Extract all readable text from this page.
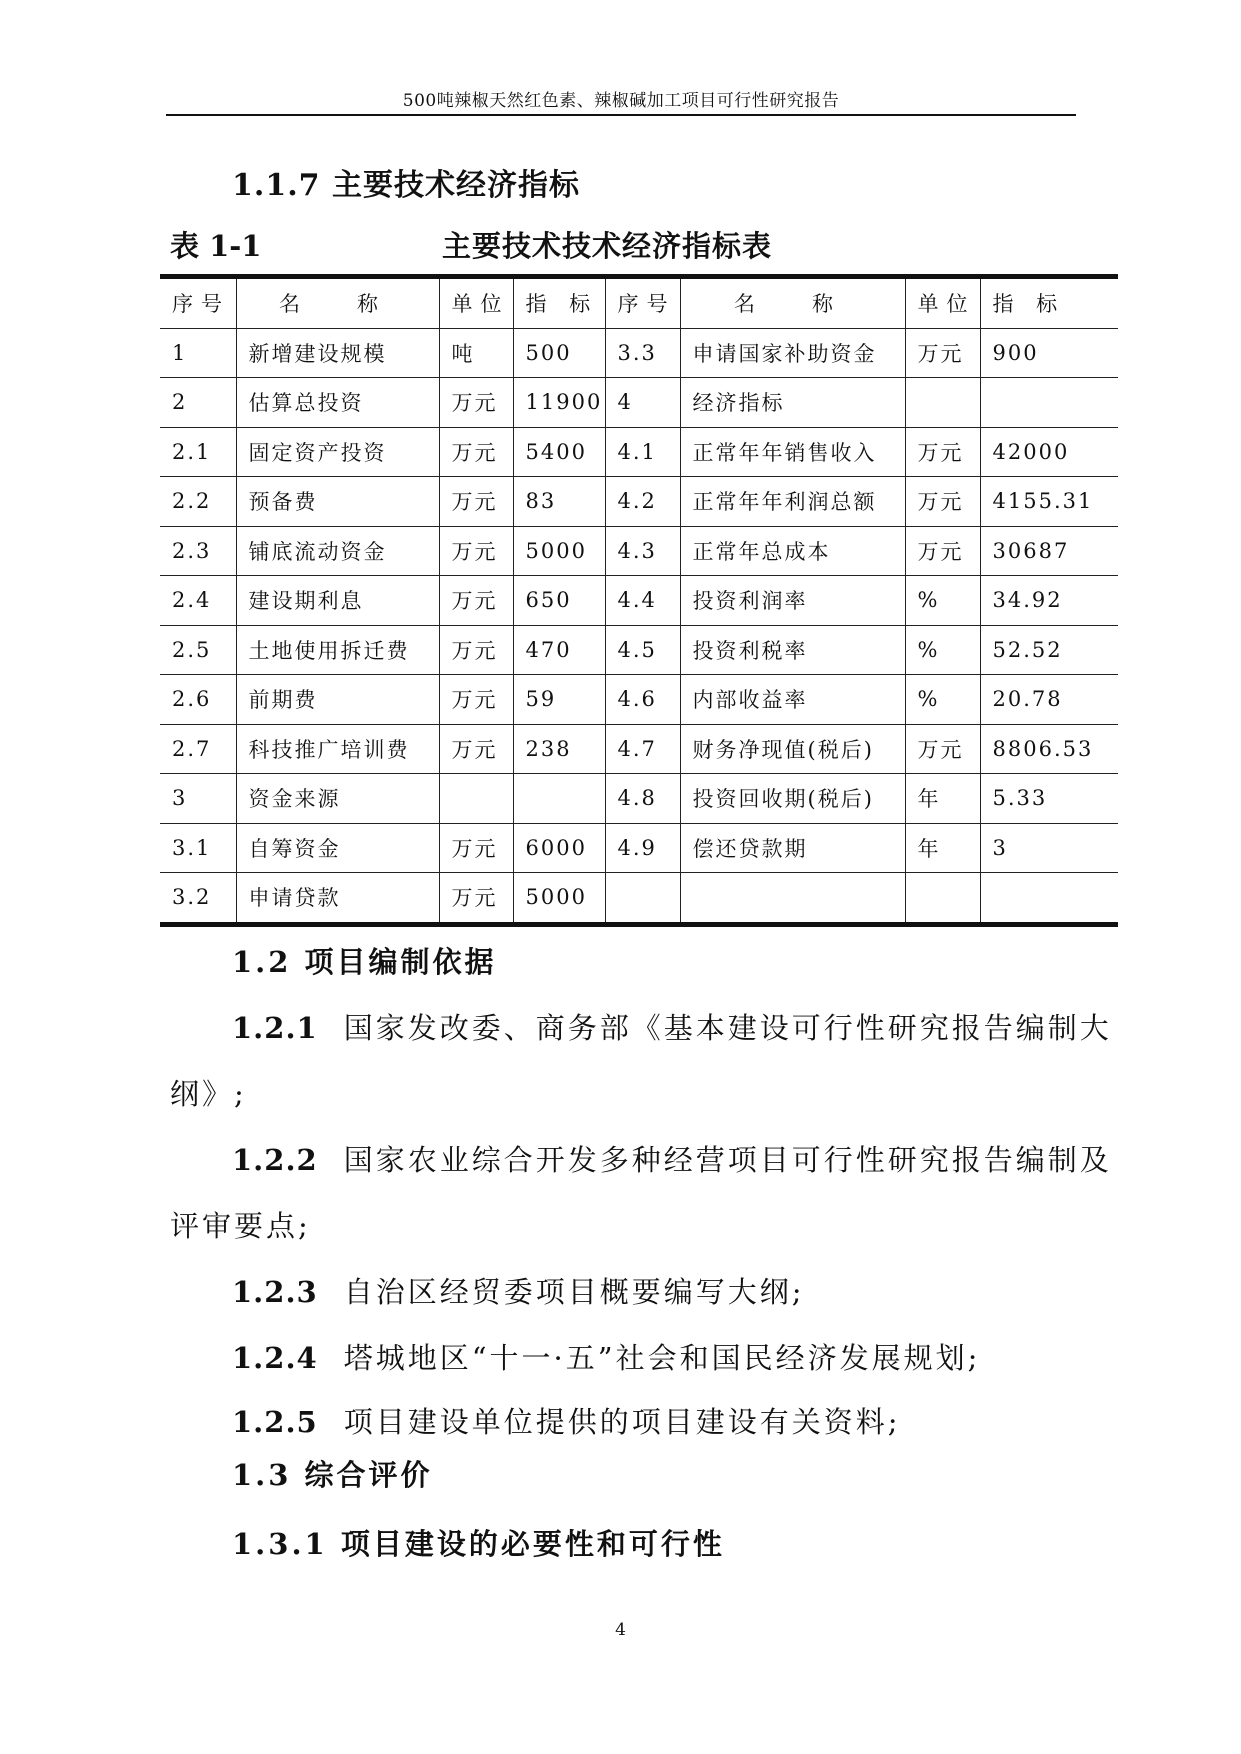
500吨辣椒天然红色素、辣椒碱加工项目可行性研究报告
1.1.7 主要技术经济指标
表 1-1	主要技术技术经济指标表
序号	名　称	单位	指 标	序号	名　称	单位	指 标
1	新增建设规模	吨	500	3.3	申请国家补助资金	万元	900
2	估算总投资	万元	11900	4	经济指标		
2.1	固定资产投资	万元	5400	4.1	正常年年销售收入	万元	42000
2.2	预备费	万元	83	4.2	正常年年利润总额	万元	4155.31
2.3	铺底流动资金	万元	5000	4.3	正常年总成本	万元	30687
2.4	建设期利息	万元	650	4.4	投资利润率	%	34.92
2.5	土地使用拆迁费	万元	470	4.5	投资利税率	%	52.52
2.6	前期费	万元	59	4.6	内部收益率	%	20.78
2.7	科技推广培训费	万元	238	4.7	财务净现值(税后)	万元	8806.53
3	资金来源			4.8	投资回收期(税后)	年	5.33
3.1	自筹资金	万元	6000	4.9	偿还贷款期	年	3
3.2	申请贷款	万元	5000				
1.2 项目编制依据
1.2.1 国家发改委、商务部《基本建设可行性研究报告编制大
纲》;
1.2.2 国家农业综合开发多种经营项目可行性研究报告编制及
评审要点;
1.2.3 自治区经贸委项目概要编写大纲;
1.2.4 塔城地区“十一·五”社会和国民经济发展规划;
1.2.5 项目建设单位提供的项目建设有关资料;
1.3 综合评价
1.3.1 项目建设的必要性和可行性
4
